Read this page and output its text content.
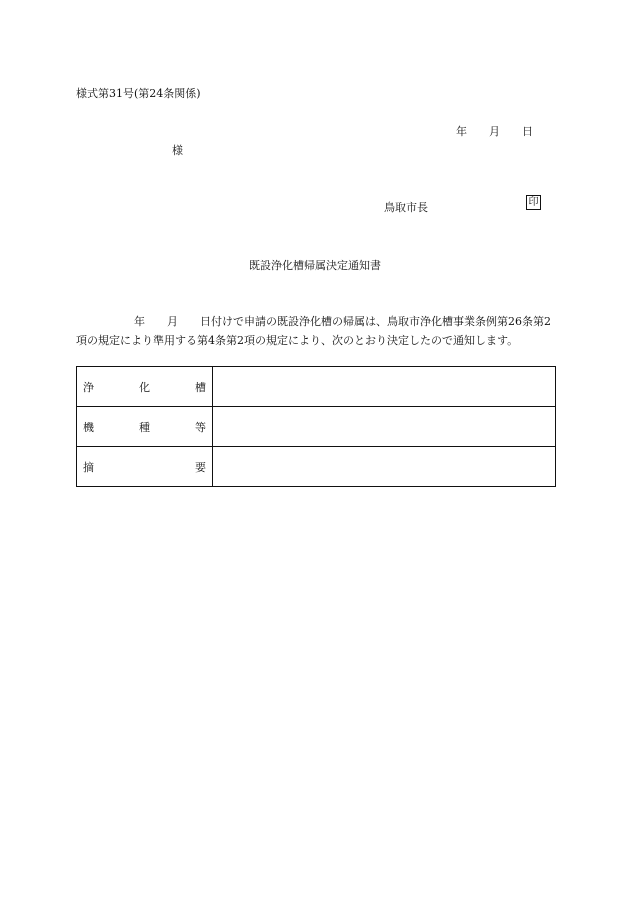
様式第31号(第24条関係)
年 月 日
様
鳥取市長	印
既設浄化槽帰属決定通知書
年 月 日付けで申請の既設浄化槽の帰属は、鳥取市浄化槽事業条例第26条第2項の規定により準用する第4条第2項の規定により、次のとおり決定したので通知します。
浄 化 槽	

機 種 等	

摘 要	
